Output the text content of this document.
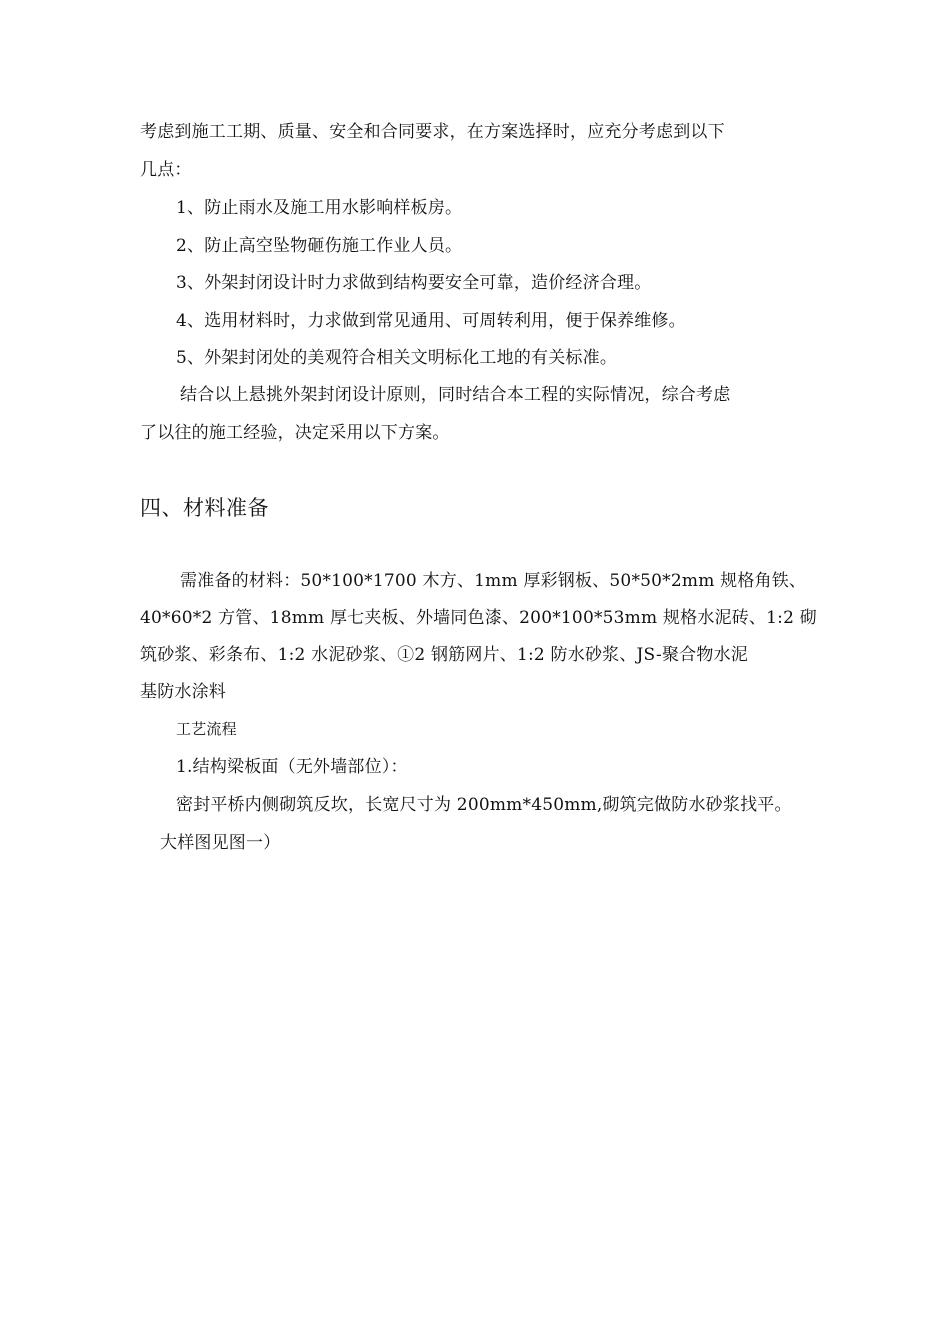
考虑到施工工期、质量、安全和合同要求，在方案选择时，应充分考虑到以下
几点：
1、防止雨水及施工用水影响样板房。
2、防止高空坠物砸伤施工作业人员。
3、外架封闭设计时力求做到结构要安全可靠，造价经济合理。
4、选用材料时，力求做到常见通用、可周转利用，便于保养维修。
5、外架封闭处的美观符合相关文明标化工地的有关标准。
结合以上悬挑外架封闭设计原则，同时结合本工程的实际情况，综合考虑
了以往的施工经验，决定采用以下方案。
四、材料准备
需准备的材料：50*100*1700 木方、1mm 厚彩钢板、50*50*2mm 规格角铁、
40*60*2 方管、18mm 厚七夹板、外墙同色漆、200*100*53mm 规格水泥砖、1:2 砌
筑砂浆、彩条布、1:2 水泥砂浆、①2 钢筋网片、1:2 防水砂浆、JS-聚合物水泥
基防水涂料
工艺流程
1.结构梁板面（无外墙部位）：
密封平桥内侧砌筑反坎，长宽尺寸为 200mm*450mm,砌筑完做防水砂浆找平。
大样图见图一）
